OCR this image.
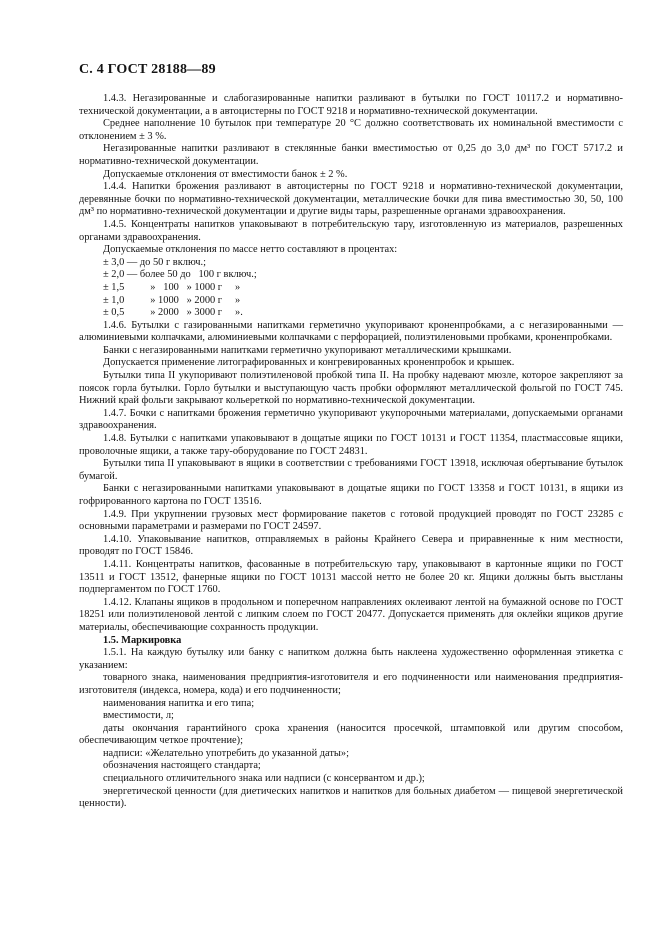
С. 4 ГОСТ 28188—89

1.4.3. Негазированные и слабогазированные напитки разливают в бутылки по ГОСТ 10117.2 и нормативно-технической документации, а в автоцистерны по ГОСТ 9218 и нормативно-технической документации.

Среднее наполнение 10 бутылок при температуре 20 °С должно соответствовать их номинальной вместимости с отклонением ± 3 %.

Негазированные напитки разливают в стеклянные банки вместимостью от 0,25 до 3,0 дм³ по ГОСТ 5717.2 и нормативно-технической документации.

Допускаемые отклонения от вместимости банок ± 2 %.

1.4.4. Напитки брожения разливают в автоцистерны по ГОСТ 9218 и нормативно-технической документации, деревянные бочки по нормативно-технической документации, металлические бочки для пива вместимостью 30, 50, 100 дм³ по нормативно-технической документации и другие виды тары, разрешенные органами здравоохранения.

1.4.5. Концентраты напитков упаковывают в потребительскую тару, изготовленную из материалов, разрешенных органами здравоохранения.

Допускаемые отклонения по массе нетто составляют в процентах:

± 3,0 — до 50 г включ.;

± 2,0 — более 50 до   100 г включ.;

± 1,5          »   100   » 1000 г     »

± 1,0          » 1000   » 2000 г     »

± 0,5          » 2000   » 3000 г     ».

1.4.6. Бутылки с газированными напитками герметично укупоривают кроненпробками, а с негазированными — алюминиевыми колпачками, алюминиевыми колпачками с перфорацией, полиэтиленовыми пробками, кроненпробками.

Банки с негазированными напитками герметично укупоривают металлическими крышками.

Допускается применение литографированных и конгревированных кроненпробок и крышек.

Бутылки типа II укупоривают полиэтиленовой пробкой типа II. На пробку надевают мюзле, которое закрепляют за поясок горла бутылки. Горло бутылки и выступающую часть пробки оформляют металлической фольгой по ГОСТ 745. Нижний край фольги закрывают кольереткой по нормативно-технической документации.

1.4.7. Бочки с напитками брожения герметично укупоривают укупорочными материалами, допускаемыми органами здравоохранения.

1.4.8. Бутылки с напитками упаковывают в дощатые ящики по ГОСТ 10131 и ГОСТ 11354, пластмассовые ящики, проволочные ящики, а также тару-оборудование по ГОСТ 24831.

Бутылки типа II упаковывают в ящики в соответствии с требованиями ГОСТ 13918, исключая обертывание бутылок бумагой.

Банки с негазированными напитками упаковывают в дощатые ящики по ГОСТ 13358 и ГОСТ 10131, в ящики из гофрированного картона по ГОСТ 13516.

1.4.9. При укрупнении грузовых мест формирование пакетов с готовой продукцией проводят по ГОСТ 23285 с основными параметрами и размерами по ГОСТ 24597.

1.4.10. Упаковывание напитков, отправляемых в районы Крайнего Севера и приравненные к ним местности, проводят по ГОСТ 15846.

1.4.11. Концентраты напитков, фасованные в потребительскую тару, упаковывают в картонные ящики по ГОСТ 13511 и ГОСТ 13512, фанерные ящики по ГОСТ 10131 массой нетто не более 20 кг. Ящики должны быть выстланы подпергаментом по ГОСТ 1760.

1.4.12. Клапаны ящиков в продольном и поперечном направлениях оклеивают лентой на бумажной основе по ГОСТ 18251 или полиэтиленовой лентой с липким слоем по ГОСТ 20477. Допускается применять для оклейки ящиков другие материалы, обеспечивающие сохранность продукции.

1.5. Маркировка

1.5.1. На каждую бутылку или банку с напитком должна быть наклеена художественно оформленная этикетка с указанием:

товарного знака, наименования предприятия-изготовителя и его подчиненности или наименования предприятия-изготовителя (индекса, номера, кода) и его подчиненности;

наименования напитка и его типа;

вместимости, л;

даты окончания гарантийного срока хранения (наносится просечкой, штамповкой или другим способом, обеспечивающим четкое прочтение);

надписи: «Желательно употребить до указанной даты»;

обозначения настоящего стандарта;

специального отличительного знака или надписи (с консервантом и др.);

энергетической ценности (для диетических напитков и напитков для больных диабетом — пищевой энергетической ценности).
